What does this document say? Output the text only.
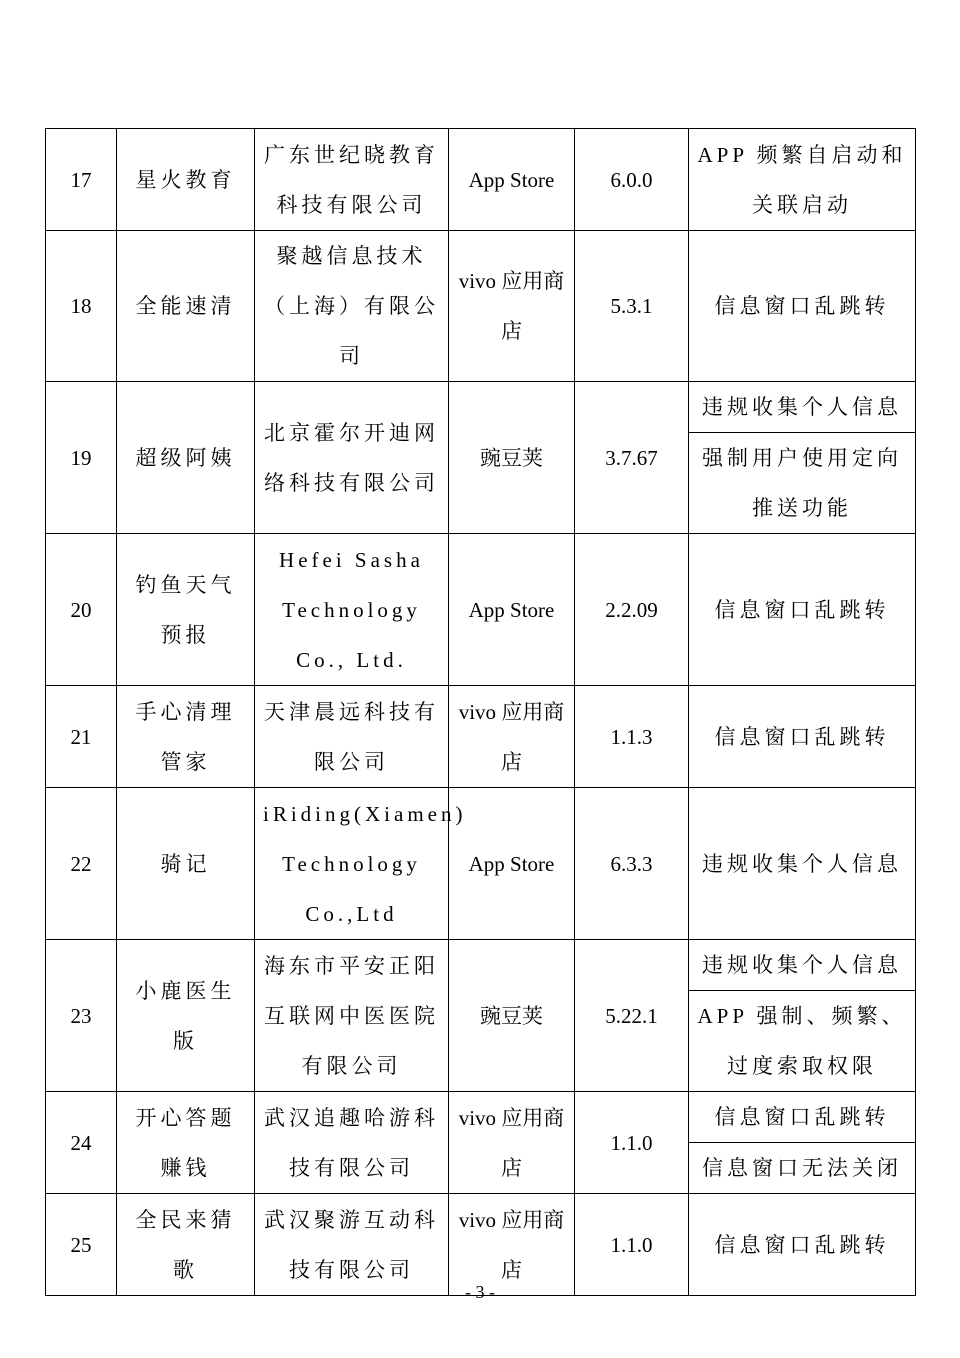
17	星火教育	广东世纪晓教育科技有限公司	App Store	6.0.0	APP 频繁自启动和关联启动

18	全能速清	聚越信息技术（上海）有限公司	vivo 应用商店	5.3.1	信息窗口乱跳转

19	超级阿姨	北京霍尔开迪网络科技有限公司	豌豆荚	3.7.67	违规收集个人信息
强制用户使用定向推送功能

20	钓鱼天气预报	Hefei Sasha Technology Co., Ltd.	App Store	2.2.09	信息窗口乱跳转

21	手心清理管家	天津晨远科技有限公司	vivo 应用商店	1.1.3	信息窗口乱跳转

22	骑记	iRiding(Xiamen) Technology Co.,Ltd	App Store	6.3.3	违规收集个人信息

23	小鹿医生版	海东市平安正阳互联网中医医院有限公司	豌豆荚	5.22.1	违规收集个人信息
APP 强制、频繁、过度索取权限

24	开心答题赚钱	武汉追趣哈游科技有限公司	vivo 应用商店	1.1.0	信息窗口乱跳转
信息窗口无法关闭

25	全民来猜歌	武汉聚游互动科技有限公司	vivo 应用商店	1.1.0	信息窗口乱跳转
- 3 -
